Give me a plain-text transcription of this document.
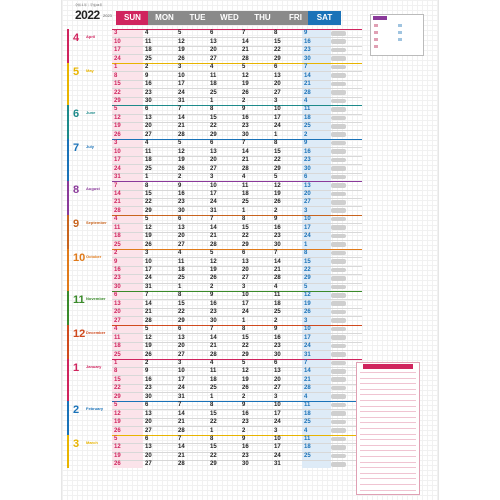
令和４年｜平成34年
2022 2023	SUN	MON	TUE	WED	THU	FRI	SAT
4 April
3	4	5	6	7	8	9
10	11	12	13	14	15	16
17	18	19	20	21	22	23
24	25	26	27	28	29	30
5 May
1	2	3	4	5	6	7
8	9	10	11	12	13	14
15	16	17	18	19	20	21
22	23	24	25	26	27	28
29	30	31	1	2	3	4
6 June
5	6	7	8	9	10	11
12	13	14	15	16	17	18
19	20	21	22	23	24	25
26	27	28	29	30	1	2
7 July
3	4	5	6	7	8	9
10	11	12	13	14	15	16
17	18	19	20	21	22	23
24	25	26	27	28	29	30
31	1	2	3	4	5	6
8 August
7	8	9	10	11	12	13
14	15	16	17	18	19	20
21	22	23	24	25	26	27
28	29	30	31	1	2	3
9 September
4	5	6	7	8	9	10
11	12	13	14	15	16	17
18	19	20	21	22	23	24
25	26	27	28	29	30	1
10 October
2	3	4	5	6	7	8
9	10	11	12	13	14	15
16	17	18	19	20	21	22
23	24	25	26	27	28	29
30	31	1	2	3	4	5
11 November
6	7	8	9	10	11	12
13	14	15	16	17	18	19
20	21	22	23	24	25	26
27	28	29	30	1	2	3
12 December
4	5	6	7	8	9	10
11	12	13	14	15	16	17
18	19	20	21	22	23	24
25	26	27	28	29	30	31
1 January
1	2	3	4	5	6	7
8	9	10	11	12	13	14
15	16	17	18	19	20	21
22	23	24	25	26	27	28
29	30	31	1	2	3	4
2 February
5	6	7	8	9	10	11
12	13	14	15	16	17	18
19	20	21	22	23	24	25
26	27	28	1	2	3	4
3 March
5	6	7	8	9	10	11
12	13	14	15	16	17	18
19	20	21	22	23	24	25
26	27	28	29	30	31
